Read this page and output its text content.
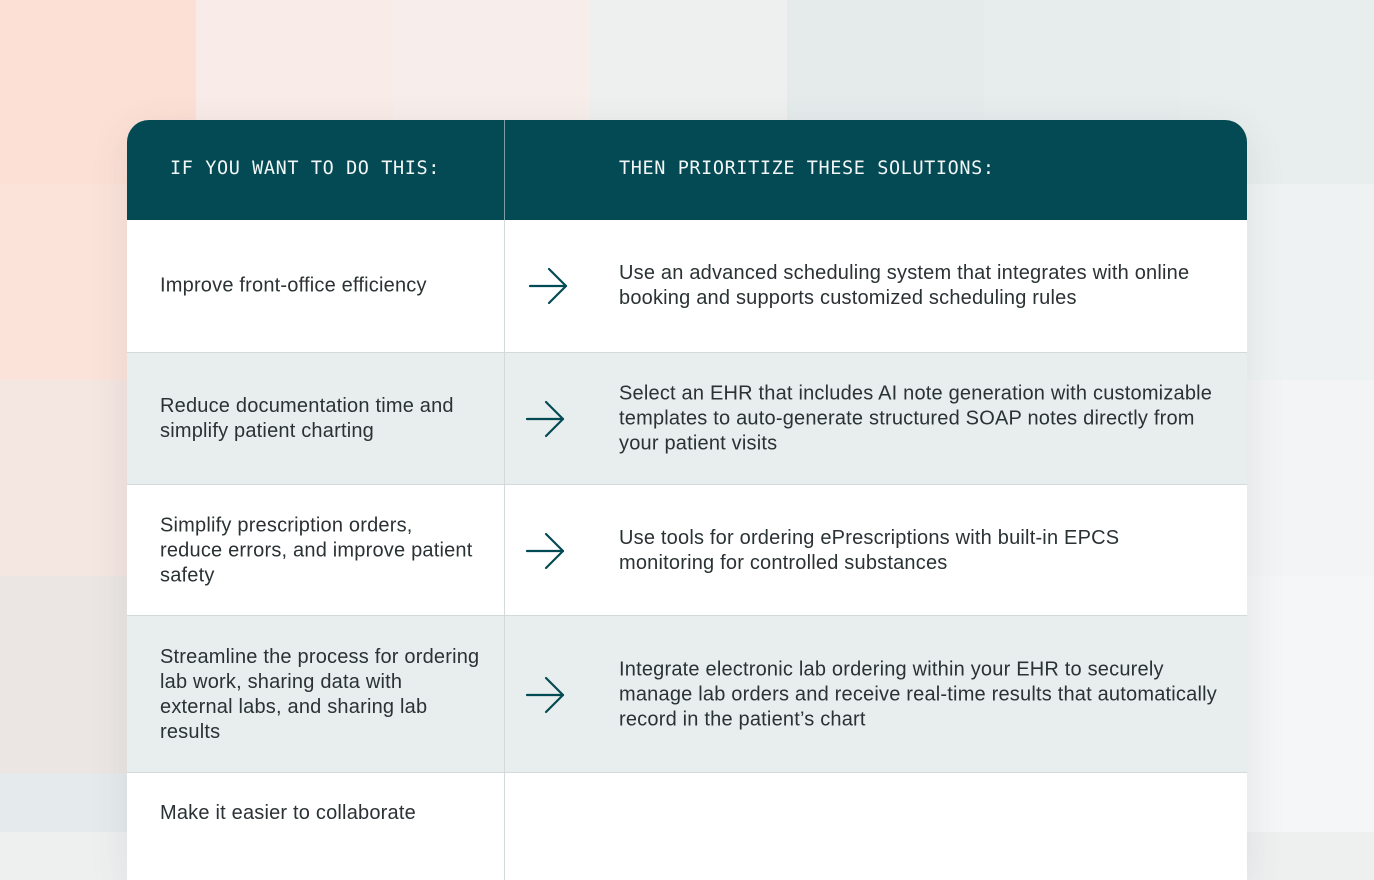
IF YOU WANT TO DO THIS:	THEN PRIORITIZE THESE SOLUTIONS:
Improve front-office efficiency
Use an advanced scheduling system that integrates with online booking and supports customized scheduling rules
Reduce documentation time and simplify patient charting
Select an EHR that includes AI note generation with customizable templates to auto-generate structured SOAP notes directly from your patient visits
Simplify prescription orders, reduce errors, and improve patient safety
Use tools for ordering ePrescriptions with built-in EPCS monitoring for controlled substances
Streamline the process for ordering lab work, sharing data with external labs, and sharing lab results
Integrate electronic lab ordering within your EHR to securely manage lab orders and receive real-time results that automatically record in the patient’s chart
Make it easier to collaborate
